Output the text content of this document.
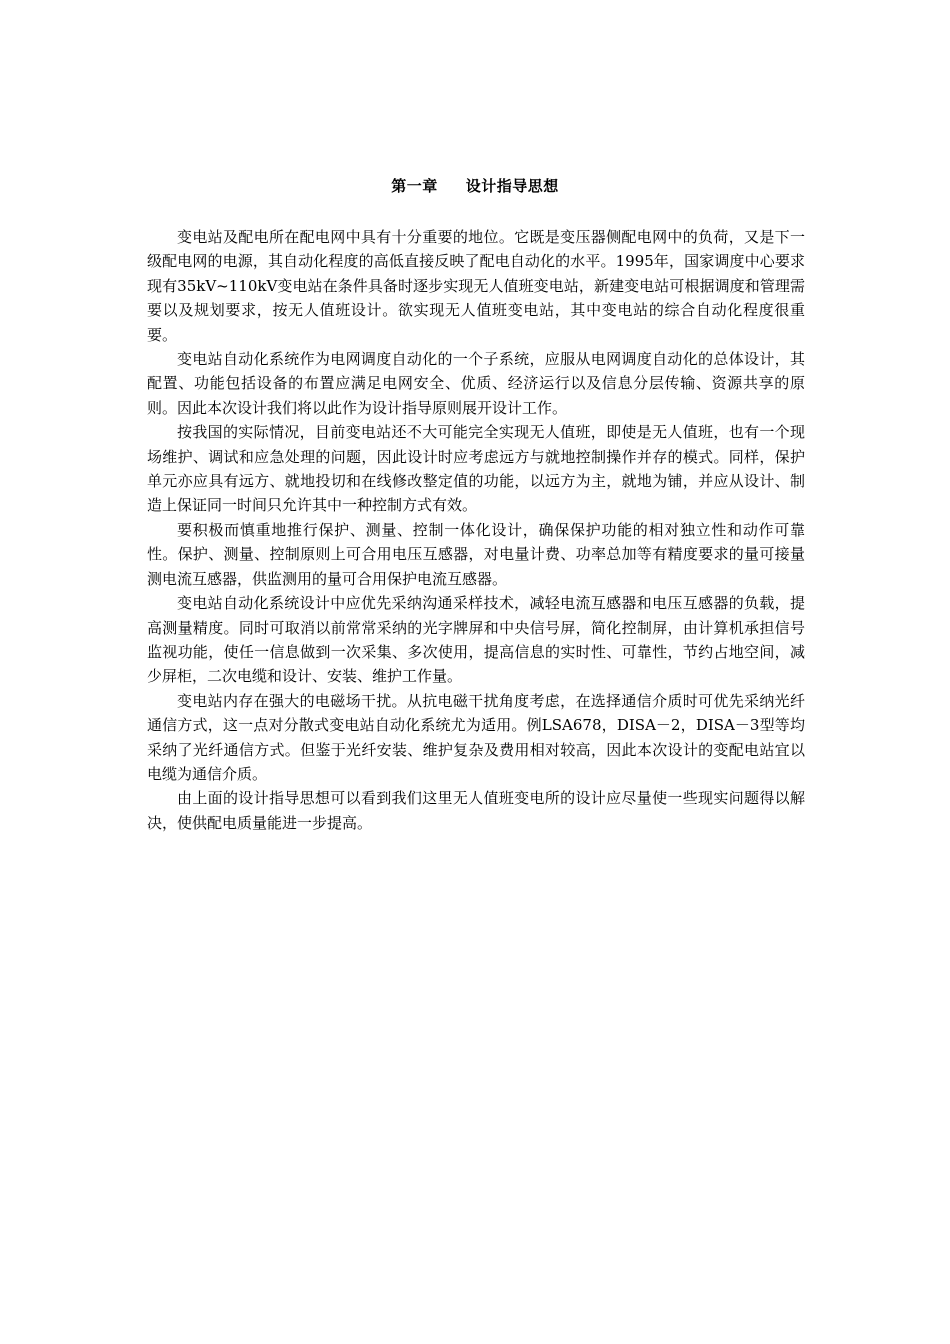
第一章 设计指导思想

变电站及配电所在配电网中具有十分重要的地位。它既是变压器侧配电网中的负荷，又是下一级配电网的电源，其自动化程度的高低直接反映了配电自动化的水平。1995年，国家调度中心要求现有35kV~110kV变电站在条件具备时逐步实现无人值班变电站，新建变电站可根据调度和管理需要以及规划要求，按无人值班设计。欲实现无人值班变电站，其中变电站的综合自动化程度很重要。

变电站自动化系统作为电网调度自动化的一个子系统，应服从电网调度自动化的总体设计，其配置、功能包括设备的布置应满足电网安全、优质、经济运行以及信息分层传输、资源共享的原则。因此本次设计我们将以此作为设计指导原则展开设计工作。

按我国的实际情况，目前变电站还不大可能完全实现无人值班，即使是无人值班，也有一个现场维护、调试和应急处理的问题，因此设计时应考虑远方与就地控制操作并存的模式。同样，保护单元亦应具有远方、就地投切和在线修改整定值的功能，以远方为主，就地为铺，并应从设计、制造上保证同一时间只允许其中一种控制方式有效。

要积极而慎重地推行保护、测量、控制一体化设计，确保保护功能的相对独立性和动作可靠性。保护、测量、控制原则上可合用电压互感器，对电量计费、功率总加等有精度要求的量可接量测电流互感器，供监测用的量可合用保护电流互感器。

变电站自动化系统设计中应优先采纳沟通采样技术，减轻电流互感器和电压互感器的负载，提高测量精度。同时可取消以前常常采纳的光字牌屏和中央信号屏，简化控制屏，由计算机承担信号监视功能，使任一信息做到一次采集、多次使用，提高信息的实时性、可靠性，节约占地空间，减少屏柜，二次电缆和设计、安装、维护工作量。

变电站内存在强大的电磁场干扰。从抗电磁干扰角度考虑，在选择通信介质时可优先采纳光纤通信方式，这一点对分散式变电站自动化系统尤为适用。例LSA678，DISA－2，DISA－3型等均采纳了光纤通信方式。但鉴于光纤安装、维护复杂及费用相对较高，因此本次设计的变配电站宜以电缆为通信介质。

由上面的设计指导思想可以看到我们这里无人值班变电所的设计应尽量使一些现实问题得以解决，使供配电质量能进一步提高。
